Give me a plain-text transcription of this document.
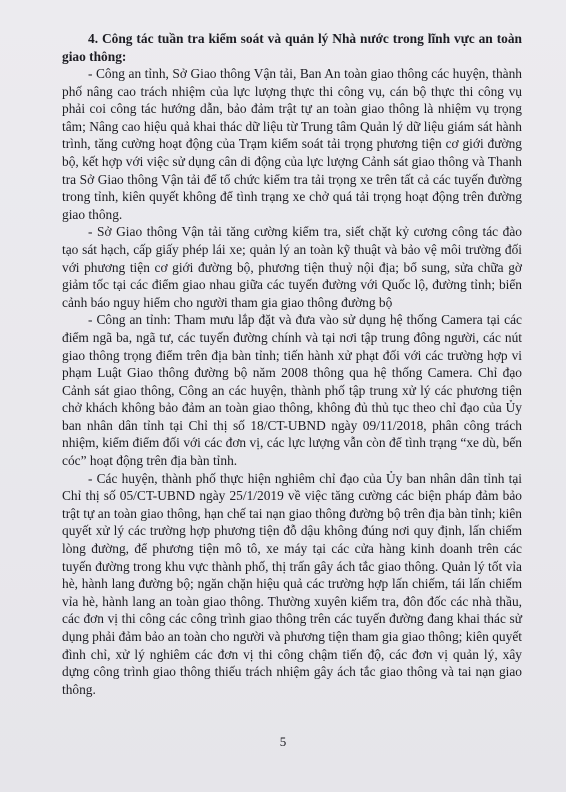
4. Công tác tuần tra kiểm soát và quản lý Nhà nước trong lĩnh vực an toàn giao thông:

- Công an tỉnh, Sở Giao thông Vận tải, Ban An toàn giao thông các huyện, thành phố nâng cao trách nhiệm của lực lượng thực thi công vụ, cán bộ thực thi công vụ phải coi công tác hướng dẫn, bảo đảm trật tự an toàn giao thông là nhiệm vụ trọng tâm; Nâng cao hiệu quả khai thác dữ liệu từ Trung tâm Quản lý dữ liệu giám sát hành trình, tăng cường hoạt động của Trạm kiểm soát tải trọng phương tiện cơ giới đường bộ, kết hợp với việc sử dụng cân di động của lực lượng Cảnh sát giao thông và Thanh tra Sở Giao thông Vận tải để tổ chức kiểm tra tải trọng xe trên tất cả các tuyến đường trong tỉnh, kiên quyết không để tình trạng xe chở quá tải trọng hoạt động trên đường giao thông.

- Sở Giao thông Vận tải tăng cường kiểm tra, siết chặt kỷ cương công tác đào tạo sát hạch, cấp giấy phép lái xe; quản lý an toàn kỹ thuật và bảo vệ môi trường đối với phương tiện cơ giới đường bộ, phương tiện thuỷ nội địa; bổ sung, sửa chữa gờ giảm tốc tại các điểm giao nhau giữa các tuyến đường với Quốc lộ, đường tỉnh; biển cảnh báo nguy hiểm cho người tham gia giao thông đường bộ

- Công an tỉnh: Tham mưu lắp đặt và đưa vào sử dụng hệ thống Camera tại các điểm ngã ba, ngã tư, các tuyến đường chính và tại nơi tập trung đông người, các nút giao thông trọng điểm trên địa bàn tỉnh; tiến hành xử phạt đối với các trường hợp vi phạm Luật Giao thông đường bộ năm 2008 thông qua hệ thống Camera. Chỉ đạo Cảnh sát giao thông, Công an các huyện, thành phố tập trung xử lý các phương tiện chở khách không bảo đảm an toàn giao thông, không đủ thủ tục theo chỉ đạo của Ủy ban nhân dân tỉnh tại Chỉ thị số 18/CT-UBND ngày 09/11/2018, phân công trách nhiệm, kiểm điểm đối với các đơn vị, các lực lượng vẫn còn để tình trạng “xe dù, bến cóc” hoạt động trên địa bàn tỉnh.

- Các huyện, thành phố thực hiện nghiêm chỉ đạo của Ủy ban nhân dân tỉnh tại Chỉ thị số 05/CT-UBND ngày 25/1/2019 về việc tăng cường các biện pháp đảm bảo trật tự an toàn giao thông, hạn chế tai nạn giao thông đường bộ trên địa bàn tỉnh; kiên quyết xử lý các trường hợp phương tiện đỗ dậu không đúng nơi quy định, lấn chiếm lòng đường, để phương tiện mô tô, xe máy tại các cửa hàng kinh doanh trên các tuyến đường trong khu vực thành phố, thị trấn gây ách tắc giao thông. Quản lý tốt vỉa hè, hành lang đường bộ; ngăn chặn hiệu quả các trường hợp lấn chiếm, tái lấn chiếm vỉa hè, hành lang an toàn giao thông. Thường xuyên kiểm tra, đôn đốc các nhà thầu, các đơn vị thi công các công trình giao thông trên các tuyến đường đang khai thác sử dụng phải đảm bảo an toàn cho người và phương tiện tham gia giao thông; kiên quyết đình chỉ, xử lý nghiêm các đơn vị thi công chậm tiến độ, các đơn vị quản lý, xây dựng công trình giao thông thiếu trách nhiệm gây ách tắc giao thông và tai nạn giao thông.

5
